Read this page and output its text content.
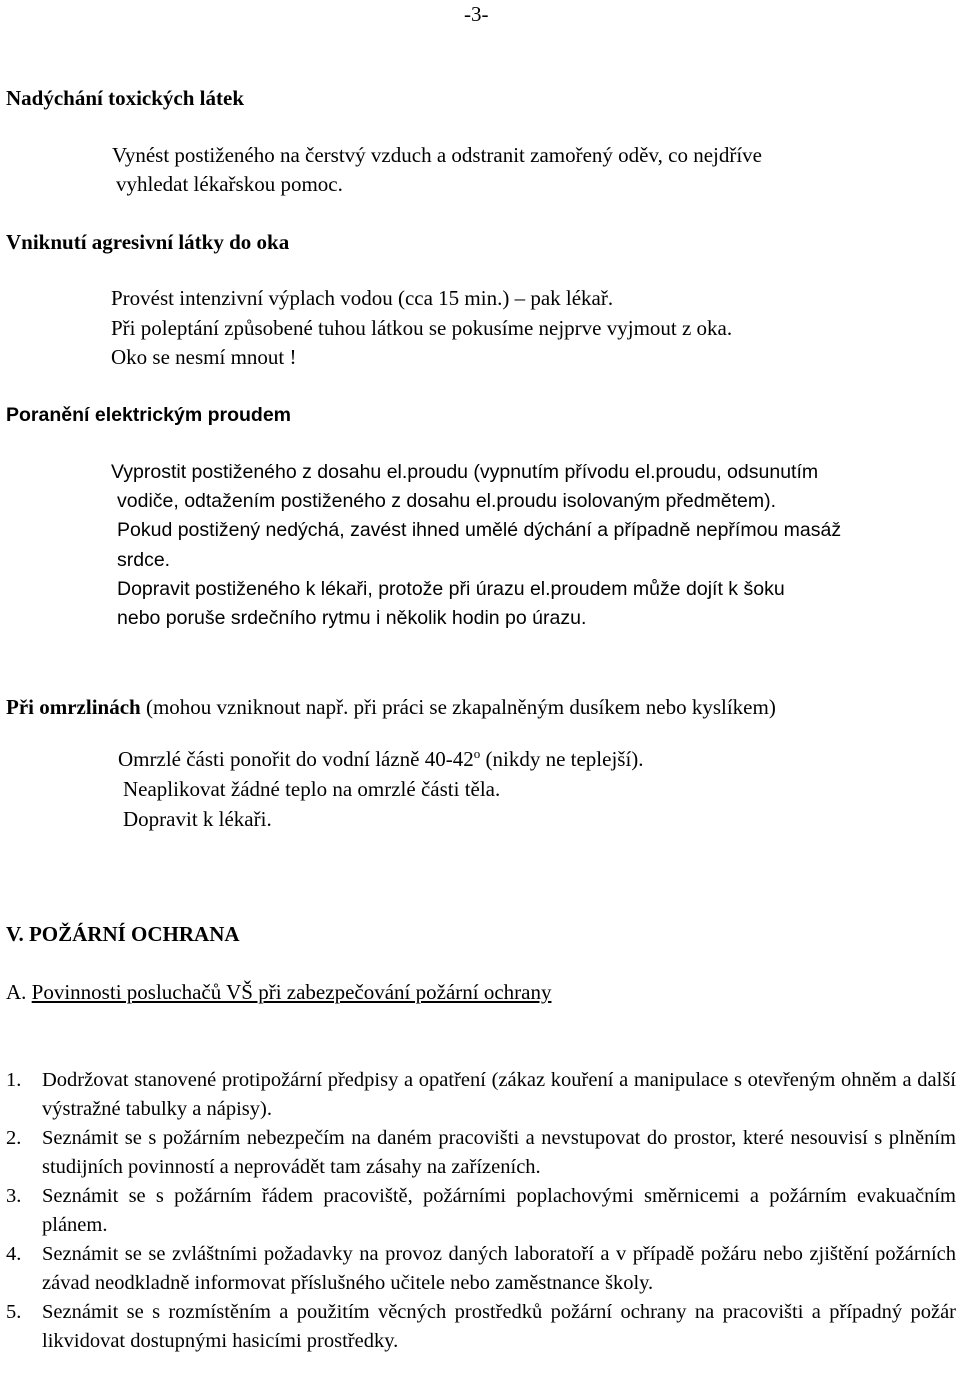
-3-
Nadýchání toxických látek
Vynést postiženého na čerstvý vzduch a odstranit zamořený oděv, co nejdříve
vyhledat lékařskou pomoc.
Vniknutí agresivní látky do oka
Provést intenzivní výplach vodou (cca 15 min.) – pak lékař.
Při poleptání způsobené tuhou látkou se pokusíme nejprve vyjmout z oka.
Oko se nesmí mnout !
Poranění elektrickým proudem
Vyprostit postiženého z dosahu el.proudu (vypnutím přívodu el.proudu, odsunutím
vodiče, odtažením postiženého z dosahu el.proudu isolovaným předmětem).
Pokud postižený nedýchá, zavést ihned umělé dýchání a případně nepřímou masáž
srdce.
Dopravit postiženého k lékaři, protože při úrazu el.proudem může dojít k šoku
nebo poruše srdečního rytmu i několik hodin po úrazu.
Při omrzlinách (mohou vzniknout např. při práci se zkapalněným dusíkem nebo kyslíkem)
Omrzlé části ponořit do vodní lázně 40-42$^o$ (nikdy ne teplejší).
Neaplikovat žádné teplo na omrzlé části těla.
Dopravit k lékaři.
V. POŽÁRNÍ OCHRANA
A. Povinnosti posluchačů VŠ při zabezpečování požární ochrany
1. Dodržovat stanovené protipožární předpisy a opatření (zákaz kouření a manipulace s otevřeným ohněm a další výstražné tabulky a nápisy).
2. Seznámit se s požárním nebezpečím na daném pracovišti a nevstupovat do prostor, které nesouvisí s plněním studijních povinností a neprovádět tam zásahy na zařízeních.
3. Seznámit se s požárním řádem pracoviště, požárními poplachovými směrnicemi a požárním evakuačním plánem.
4. Seznámit se se zvláštními požadavky na provoz daných laboratoří a v případě požáru nebo zjištění požárních závad neodkladně informovat příslušného učitele nebo zaměstnance školy.
5. Seznámit se s rozmístěním a použitím věcných prostředků požární ochrany na pracovišti a případný požár likvidovat dostupnými hasicími prostředky.
